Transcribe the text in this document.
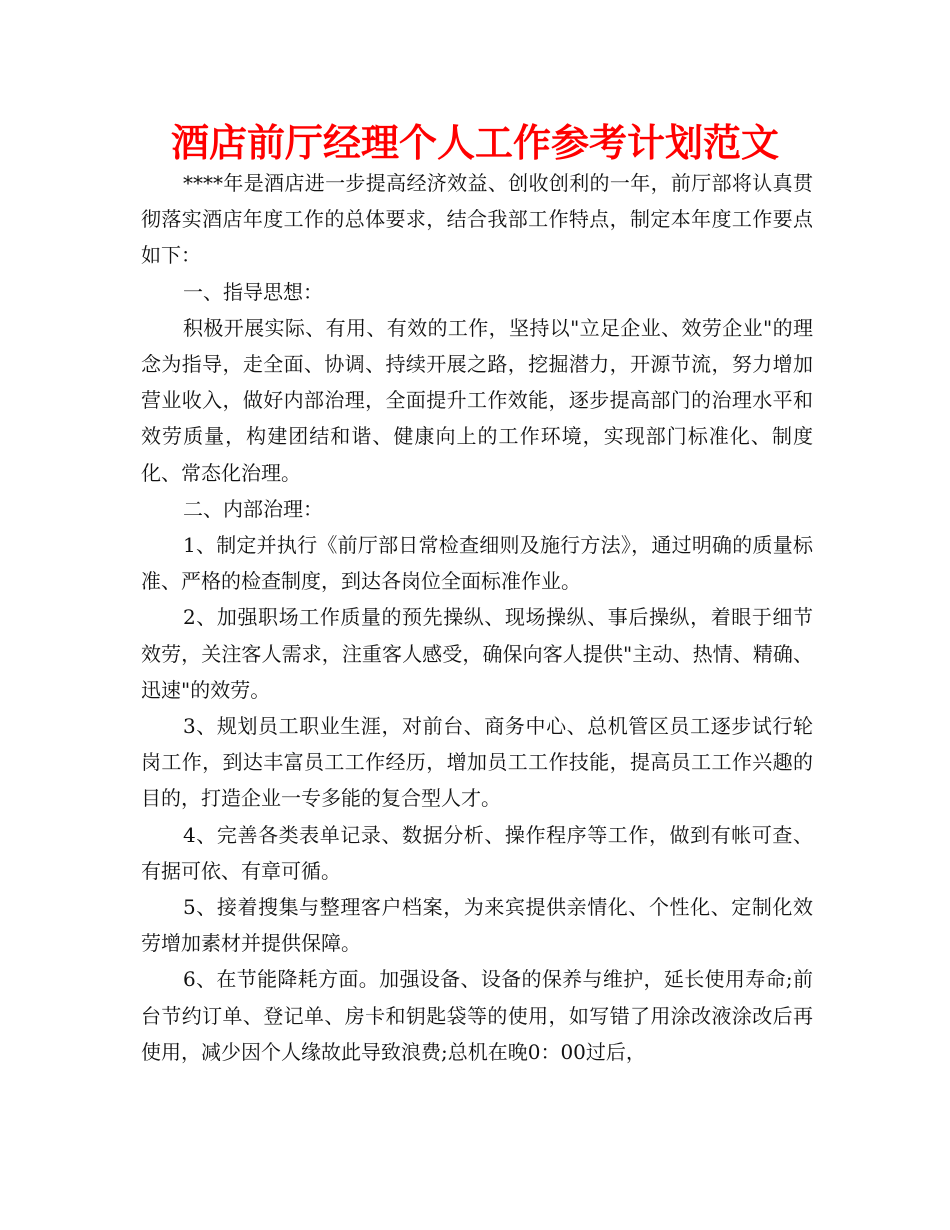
酒店前厅经理个人工作参考计划范文

****年是酒店进一步提高经济效益、创收创利的一年，前厅部将认真贯彻落实酒店年度工作的总体要求，结合我部工作特点，制定本年度工作要点如下：

一、指导思想：

积极开展实际、有用、有效的工作，坚持以"立足企业、效劳企业"的理念为指导，走全面、协调、持续开展之路，挖掘潜力，开源节流，努力增加营业收入，做好内部治理，全面提升工作效能，逐步提高部门的治理水平和效劳质量，构建团结和谐、健康向上的工作环境，实现部门标准化、制度化、常态化治理。

二、内部治理：

1、制定并执行《前厅部日常检查细则及施行方法》，通过明确的质量标准、严格的检查制度，到达各岗位全面标准作业。

2、加强职场工作质量的预先操纵、现场操纵、事后操纵，着眼于细节效劳，关注客人需求，注重客人感受，确保向客人提供"主动、热情、精确、迅速"的效劳。

3、规划员工职业生涯，对前台、商务中心、总机管区员工逐步试行轮岗工作，到达丰富员工工作经历，增加员工工作技能，提高员工工作兴趣的目的，打造企业一专多能的复合型人才。

4、完善各类表单记录、数据分析、操作程序等工作，做到有帐可查、有据可依、有章可循。

5、接着搜集与整理客户档案，为来宾提供亲情化、个性化、定制化效劳增加素材并提供保障。

6、在节能降耗方面。加强设备、设备的保养与维护，延长使用寿命;前台节约订单、登记单、房卡和钥匙袋等的使用，如写错了用涂改液涂改后再使用，减少因个人缘故此导致浪费;总机在晚0：00过后，
